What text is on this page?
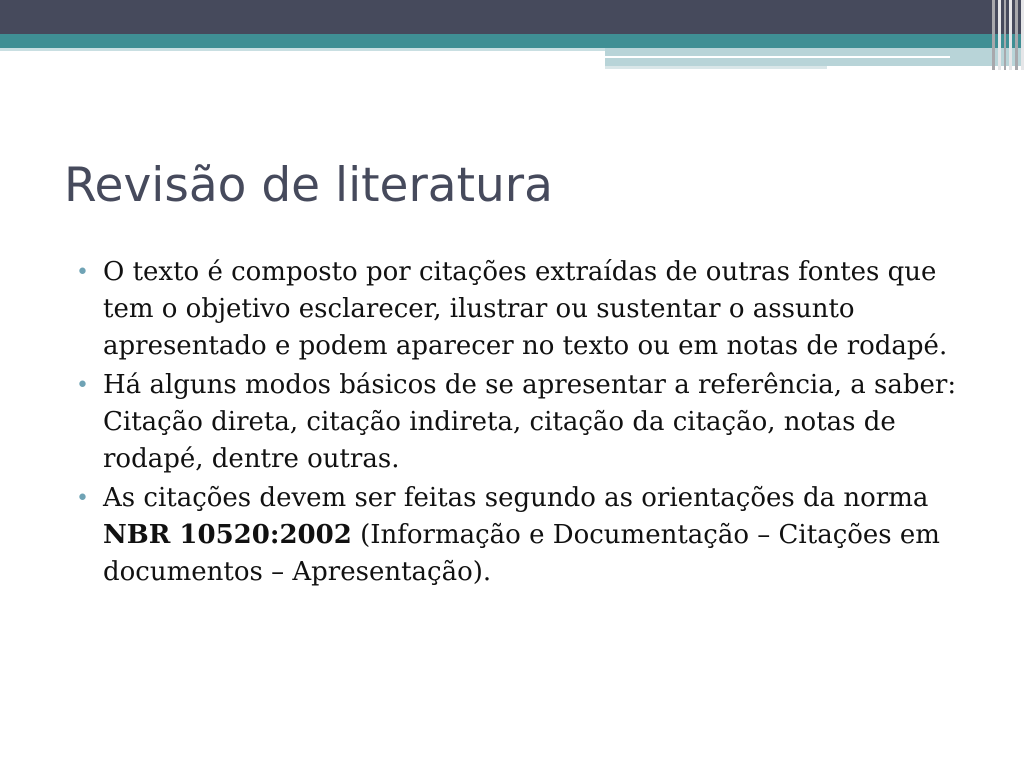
Revisão de literatura
• O texto é composto por citações extraídas de outras fontes que tem o objetivo esclarecer, ilustrar ou sustentar o assunto apresentado e podem aparecer no texto ou em notas de rodapé.
• Há alguns modos básicos de se apresentar a referência, a saber: Citação direta, citação indireta, citação da citação, notas de rodapé, dentre outras.
• As citações devem ser feitas segundo as orientações da norma NBR 10520:2002 (Informação e Documentação – Citações em documentos – Apresentação).
